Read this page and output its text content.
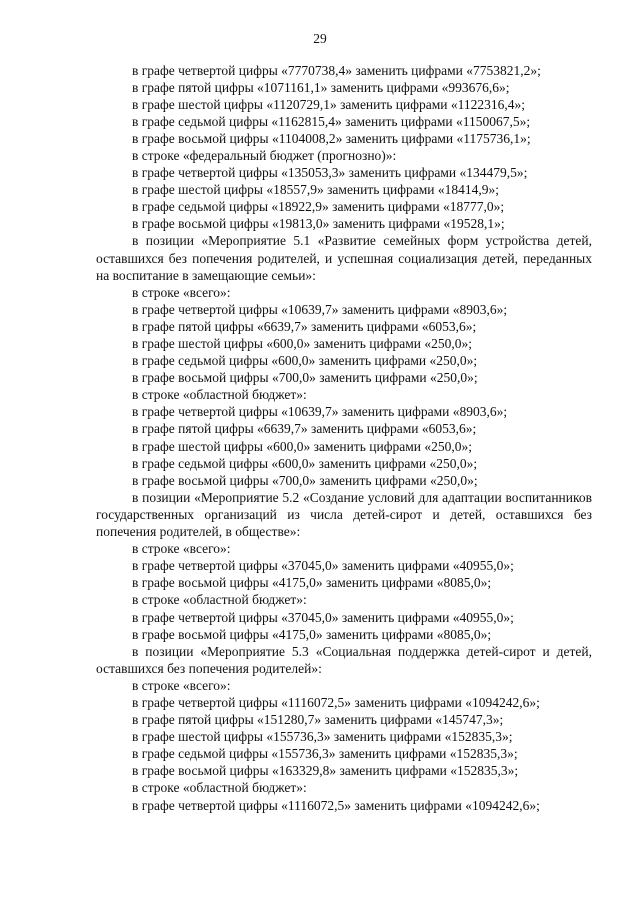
29
в графе четвертой цифры «7770738,4» заменить цифрами «7753821,2»;
в графе пятой цифры «1071161,1» заменить цифрами «993676,6»;
в графе шестой цифры «1120729,1» заменить цифрами «1122316,4»;
в графе седьмой цифры «1162815,4» заменить цифрами «1150067,5»;
в графе восьмой цифры «1104008,2» заменить цифрами «1175736,1»;
в строке «федеральный бюджет (прогнозно)»:
в графе четвертой цифры «135053,3» заменить цифрами «134479,5»;
в графе шестой цифры «18557,9» заменить цифрами «18414,9»;
в графе седьмой цифры «18922,9» заменить цифрами «18777,0»;
в графе восьмой цифры «19813,0» заменить цифрами «19528,1»;
в позиции «Мероприятие 5.1 «Развитие семейных форм устройства детей, оставшихся без попечения родителей, и успешная социализация детей, переданных на воспитание в замещающие семьи»:
в строке «всего»:
в графе четвертой цифры «10639,7» заменить цифрами «8903,6»;
в графе пятой цифры «6639,7» заменить цифрами «6053,6»;
в графе шестой цифры «600,0» заменить цифрами «250,0»;
в графе седьмой цифры «600,0» заменить цифрами «250,0»;
в графе восьмой цифры «700,0» заменить цифрами «250,0»;
в строке «областной бюджет»:
в графе четвертой цифры «10639,7» заменить цифрами «8903,6»;
в графе пятой цифры «6639,7» заменить цифрами «6053,6»;
в графе шестой цифры «600,0» заменить цифрами «250,0»;
в графе седьмой цифры «600,0» заменить цифрами «250,0»;
в графе восьмой цифры «700,0» заменить цифрами «250,0»;
в позиции «Мероприятие 5.2 «Создание условий для адаптации воспитанников государственных организаций из числа детей-сирот и детей, оставшихся без попечения родителей, в обществе»:
в строке «всего»:
в графе четвертой цифры «37045,0» заменить цифрами «40955,0»;
в графе восьмой цифры «4175,0» заменить цифрами «8085,0»;
в строке «областной бюджет»:
в графе четвертой цифры «37045,0» заменить цифрами «40955,0»;
в графе восьмой цифры «4175,0» заменить цифрами «8085,0»;
в позиции «Мероприятие 5.3 «Социальная поддержка детей-сирот и детей, оставшихся без попечения родителей»:
в строке «всего»:
в графе четвертой цифры «1116072,5» заменить цифрами «1094242,6»;
в графе пятой цифры «151280,7» заменить цифрами «145747,3»;
в графе шестой цифры «155736,3» заменить цифрами «152835,3»;
в графе седьмой цифры «155736,3» заменить цифрами «152835,3»;
в графе восьмой цифры «163329,8» заменить цифрами «152835,3»;
в строке «областной бюджет»:
в графе четвертой цифры «1116072,5» заменить цифрами «1094242,6»;
